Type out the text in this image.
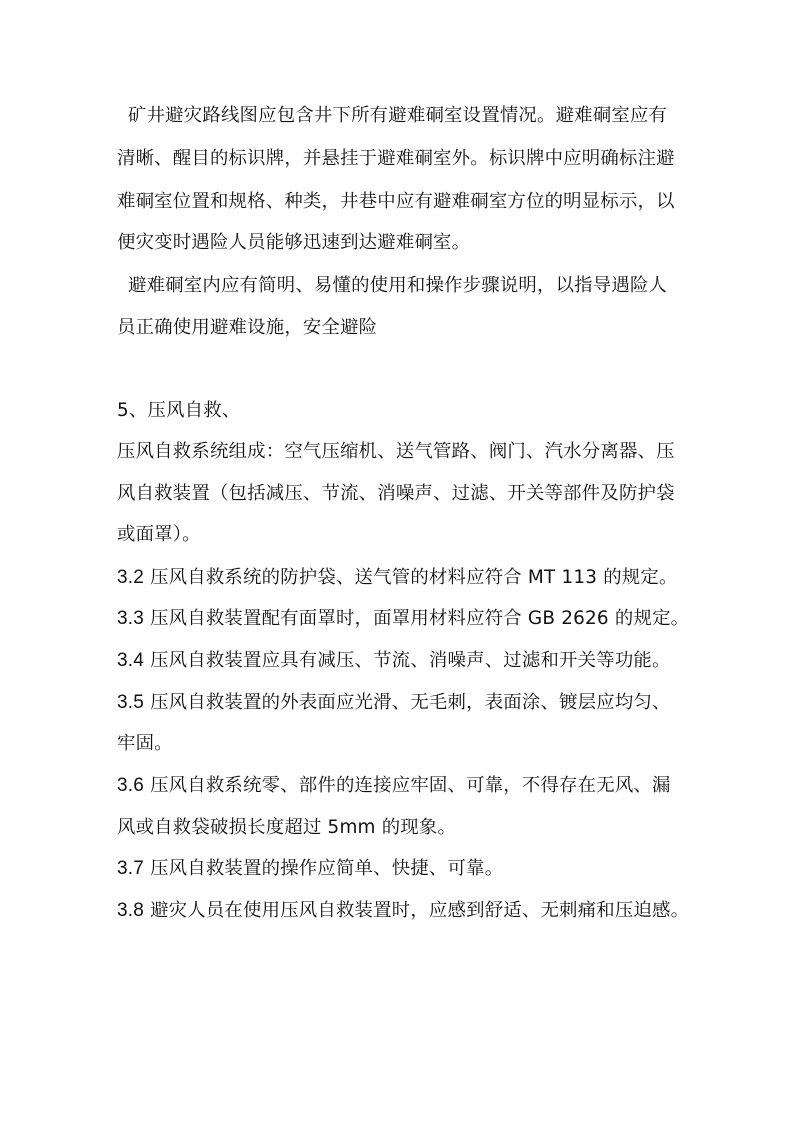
矿井避灾路线图应包含井下所有避难硐室设置情况。避难硐室应有
清晰、醒目的标识牌，并悬挂于避难硐室外。标识牌中应明确标注避
难硐室位置和规格、种类，井巷中应有避难硐室方位的明显标示，以
便灾变时遇险人员能够迅速到达避难硐室。
避难硐室内应有简明、易懂的使用和操作步骤说明，以指导遇险人
员正确使用避难设施，安全避险
5、压风自救、
压风自救系统组成：空气压缩机、送气管路、阀门、汽水分离器、压
风自救装置（包括减压、节流、消噪声、过滤、开关等部件及防护袋
或面罩）。
3.2 压风自救系统的防护袋、送气管的材料应符合 MT 113 的规定。
3.3 压风自救装置配有面罩时，面罩用材料应符合 GB 2626 的规定。
3.4 压风自救装置应具有减压、节流、消噪声、过滤和开关等功能。
3.5 压风自救装置的外表面应光滑、无毛刺，表面涂、镀层应均匀、
牢固。
3.6 压风自救系统零、部件的连接应牢固、可靠，不得存在无风、漏
风或自救袋破损长度超过 5mm 的现象。
3.7 压风自救装置的操作应简单、快捷、可靠。
3.8 避灾人员在使用压风自救装置时，应感到舒适、无刺痛和压迫感。
